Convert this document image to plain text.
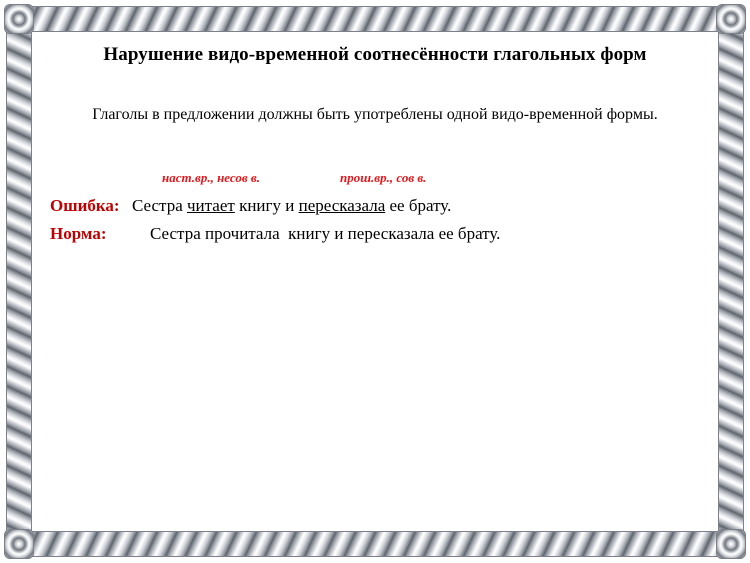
Нарушение видо-временной соотнесённости глагольных форм
Глаголы в предложении должны быть употреблены одной видо-временной формы.
наст.вр., несов в.	прош.вр., сов в.
Ошибка: Сестра читает книгу и пересказала ее брату.
Норма:	Сестра прочитала  книгу и пересказала ее брату.
